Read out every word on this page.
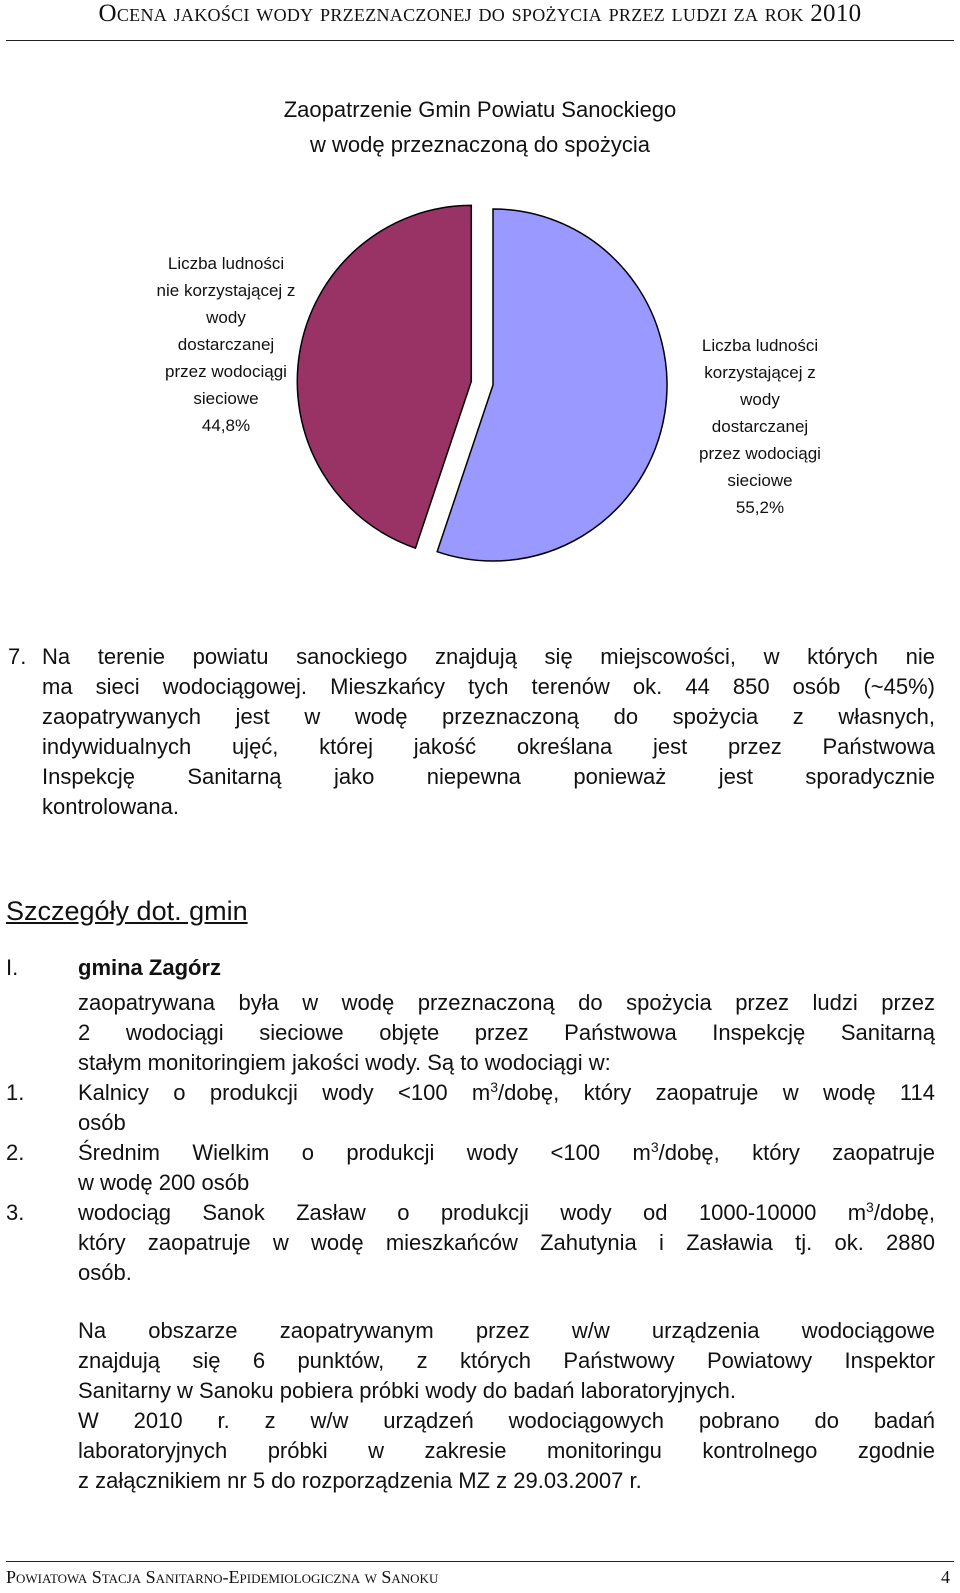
Ocena jakości wody przeznaczonej do spożycia przez ludzi za rok 2010
Zaopatrzenie Gmin Powiatu Sanockiego
w wodę przeznaczoną do spożycia
Liczba ludności
nie korzystającej z
wody
dostarczanej
przez wodociągi
sieciowe
44,8%
Liczba ludności
korzystającej z
wody
dostarczanej
przez wodociągi
sieciowe
55,2%
7. Na terenie powiatu sanockiego znajdują się miejscowości, w których nie
ma sieci wodociągowej. Mieszkańcy tych terenów ok. 44 850 osób (~45%)
zaopatrywanych jest w wodę przeznaczoną do spożycia z własnych,
indywidualnych ujęć, której jakość określana jest przez Państwowa
Inspekcję Sanitarną jako niepewna ponieważ jest sporadycznie
kontrolowana.
Szczegóły dot. gmin
I.	gmina Zagórz
zaopatrywana była w wodę przeznaczoną do spożycia przez ludzi przez
2 wodociągi sieciowe objęte przez Państwowa Inspekcję Sanitarną
stałym monitoringiem jakości wody. Są to wodociągi w:
1. Kalnicy o produkcji wody <100 $m^3$/dobę, który zaopatruje w wodę 114
osób
2. Średnim Wielkim o produkcji wody <100 $m^3$/dobę, który zaopatruje
w wodę 200 osób
3. wodociąg Sanok Zasław o produkcji wody od 1000-10000 $m^3$/dobę,
który zaopatruje w wodę mieszkańców Zahutynia i Zasławia tj. ok. 2880
osób.
Na obszarze zaopatrywanym przez w/w urządzenia wodociągowe
znajdują się 6 punktów, z których Państwowy Powiatowy Inspektor
Sanitarny w Sanoku pobiera próbki wody do badań laboratoryjnych.
W 2010 r. z w/w urządzeń wodociągowych pobrano do badań
laboratoryjnych próbki w zakresie monitoringu kontrolnego zgodnie
z załącznikiem nr 5 do rozporządzenia MZ z 29.03.2007 r.
Powiatowa Stacja Sanitarno-Epidemiologiczna w Sanoku	4
